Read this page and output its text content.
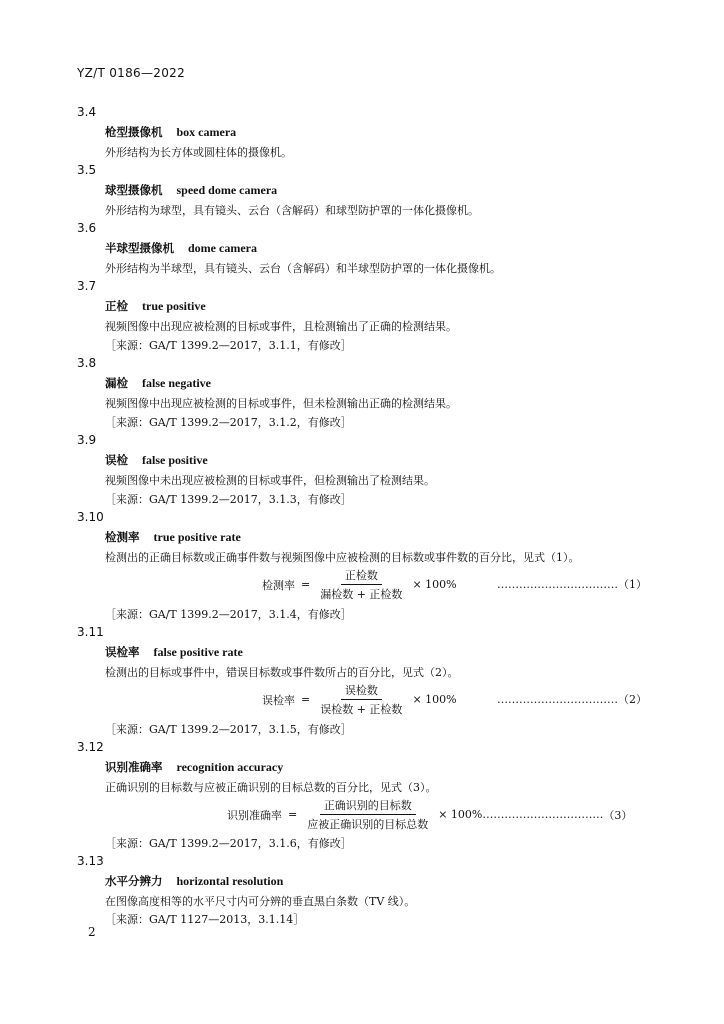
YZ/T 0186—2022
3.4
枪型摄像机 box camera
外形结构为长方体或圆柱体的摄像机。
3.5
球型摄像机 speed dome camera
外形结构为球型，具有镜头、云台（含解码）和球型防护罩的一体化摄像机。
3.6
半球型摄像机 dome camera
外形结构为半球型，具有镜头、云台（含解码）和半球型防护罩的一体化摄像机。
3.7
正检 true positive
视频图像中出现应被检测的目标或事件，且检测输出了正确的检测结果。
［来源：GA/T 1399.2—2017，3.1.1，有修改］
3.8
漏检 false negative
视频图像中出现应被检测的目标或事件，但未检测输出正确的检测结果。
［来源：GA/T 1399.2—2017，3.1.2，有修改］
3.9
误检 false positive
视频图像中未出现应被检测的目标或事件，但检测输出了检测结果。
［来源：GA/T 1399.2—2017，3.1.3，有修改］
3.10
检测率 true positive rate
检测出的正确目标数或正确事件数与视频图像中应被检测的目标数或事件数的百分比，见式（1）。
检测率 = $\frac{\text{正检数}}{\text{漏检数 + 正检数}} \times 100\%$	……………………………（1）
［来源：GA/T 1399.2—2017，3.1.4，有修改］
3.11
误检率 false positive rate
检测出的目标或事件中，错误目标数或事件数所占的百分比，见式（2）。
误检率 = $\frac{\text{误检数}}{\text{误检数 + 正检数}} \times 100\%$	……………………………（2）
［来源：GA/T 1399.2—2017，3.1.5，有修改］
3.12
识别准确率 recognition accuracy
正确识别的目标数与应被正确识别的目标总数的百分比，见式（3）。
识别准确率 = $\frac{\text{正确识别的目标数}}{\text{应被正确识别的目标总数}} \times 100\%$ …………………………… （3）
［来源：GA/T 1399.2—2017，3.1.6，有修改］
3.13
水平分辨力 horizontal resolution
在图像高度相等的水平尺寸内可分辨的垂直黑白条数（TV 线）。
［来源：GA/T 1127—2013，3.1.14］
2
